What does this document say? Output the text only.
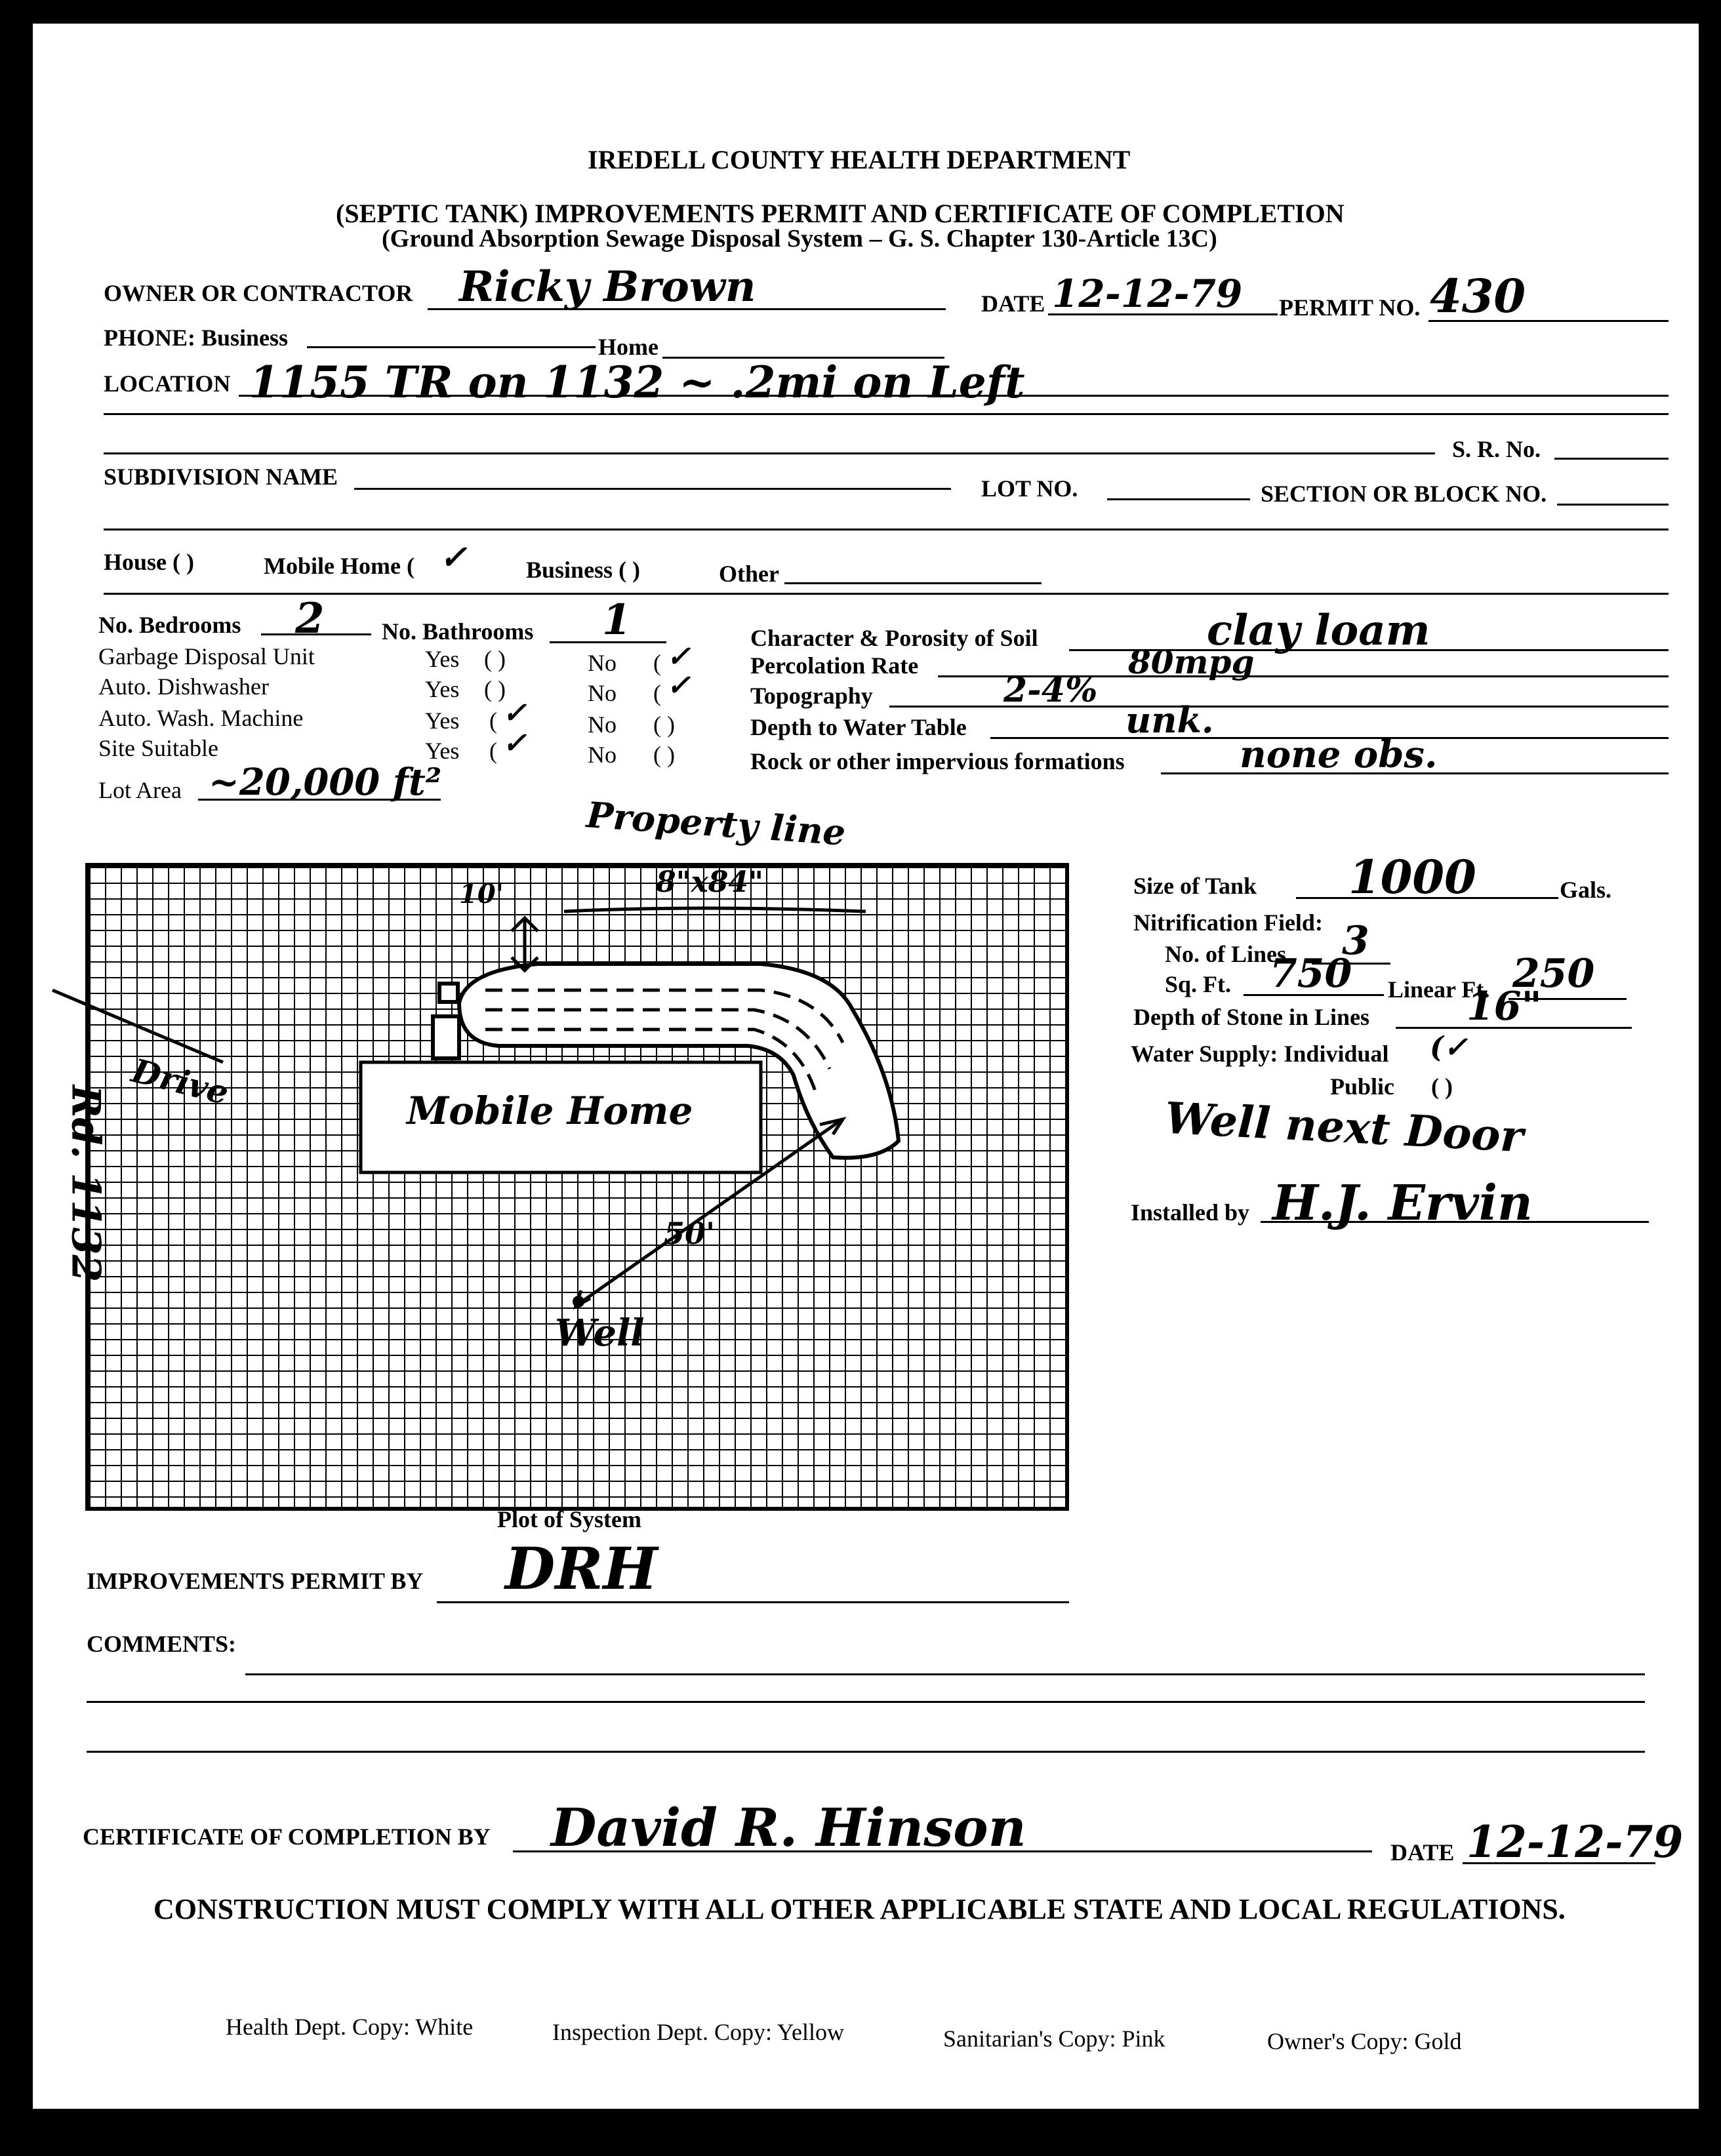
IREDELL COUNTY HEALTH DEPARTMENT
(SEPTIC TANK) IMPROVEMENTS PERMIT AND CERTIFICATE OF COMPLETION
(Ground Absorption Sewage Disposal System – G. S. Chapter 130-Article 13C)
OWNER OR CONTRACTOR Ricky Brown	DATE 12-12-79 PERMIT NO. 430
PHONE: Business	Home
LOCATION 1155 TR on 1132 ~ .2mi on Left
S. R. No.
SUBDIVISION NAME	LOT NO.	SECTION OR BLOCK NO.
House ( )	Mobile Home ( ✓	Business ( )	Other
No. Bedrooms 2 No. Bathrooms 1
Garbage Disposal Unit	Yes ( )	No ( ✓
Auto. Dishwasher	Yes ( )	No ( ✓
Auto. Wash. Machine	Yes ( ✓	No ( )
Site Suitable	Yes ( ✓	No ( )
Lot Area ~20,000 ft²
Character & Porosity of Soil	clay loam
Percolation Rate	80mpg
Topography	2-4%
Depth to Water Table	unk.
Rock or other impervious formations	none obs.
Property line
10'	8"x84"
Mobile Home
Drive
50'
Well
Rd. 1132
Plot of System
Size of Tank 1000	Gals.
Nitrification Field:
No. of Lines 3
Sq. Ft. 750 Linear Ft. 250
Depth of Stone in Lines 16"
Water Supply: Individual (✓
Public ( )
Well next Door
Installed by H.J. Ervin
IMPROVEMENTS PERMIT BY DRH
COMMENTS:
CERTIFICATE OF COMPLETION BY David R. Hinson	DATE 12-12-79
CONSTRUCTION MUST COMPLY WITH ALL OTHER APPLICABLE STATE AND LOCAL REGULATIONS.
Health Dept. Copy: White	Inspection Dept. Copy: Yellow	Sanitarian's Copy: Pink	Owner's Copy: Gold
